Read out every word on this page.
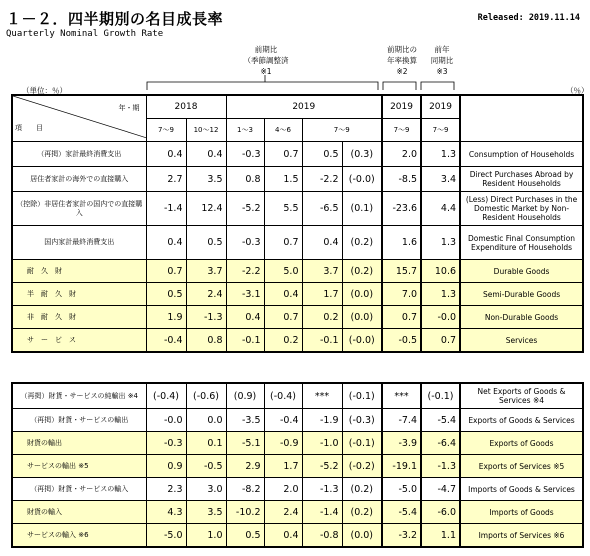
１－２．四半期別の名目成長率
Quarterly Nominal Growth Rate
Released: 2019.11.14
前期比
（季節調整済
※1
前期比の
年率換算
※2
前年
同期比
※3
（単位：％）	（％）
年・期
項　　目	2018		2019				2019	2019	
	7～9	10～12	1～3	4～6	7～9		7～9	7～9	
（再掲）家計最終消費支出	0.4	0.4	-0.3	0.7	0.5	(0.3)	2.0	1.3	Consumption of Households
居住者家計の海外での直接購入	2.7	3.5	0.8	1.5	-2.2	(-0.0)	-8.5	3.4	Direct Purchases Abroad by Resident Households
（控除）非居住者家計の国内での直接購入	-1.4	12.4	-5.2	5.5	-6.5	(0.1)	-23.6	4.4	(Less) Direct Purchases in the Domestic Market by Non-Resident Households
国内家計最終消費支出	0.4	0.5	-0.3	0.7	0.4	(0.2)	1.6	1.3	Domestic Final Consumption Expenditure of Households
耐　久　財	0.7	3.7	-2.2	5.0	3.7	(0.2)	15.7	10.6	Durable Goods
半　耐　久　財	0.5	2.4	-3.1	0.4	1.7	(0.0)	7.0	1.3	Semi-Durable Goods
非　耐　久　財	1.9	-1.3	0.4	0.7	0.2	(0.0)	0.7	-0.0	Non-Durable Goods
サ　ー　ビ　ス	-0.4	0.8	-0.1	0.2	-0.1	(-0.0)	-0.5	0.7	Services
（再掲）財貨・サービスの純輸出 ※4	(-0.4)	(-0.6)	(0.9)	(-0.4)	***	(-0.1)	***	(-0.1)	Net Exports of Goods & Services ※4
（再掲）財貨・サービスの輸出	-0.0	0.0	-3.5	-0.4	-1.9	(-0.3)	-7.4	-5.4	Exports of Goods & Services
財貨の輸出	-0.3	0.1	-5.1	-0.9	-1.0	(-0.1)	-3.9	-6.4	Exports of Goods
サービスの輸出 ※5	0.9	-0.5	2.9	1.7	-5.2	(-0.2)	-19.1	-1.3	Exports of Services ※5
（再掲）財貨・サービスの輸入	2.3	3.0	-8.2	2.0	-1.3	(0.2)	-5.0	-4.7	Imports of Goods & Services
財貨の輸入	4.3	3.5	-10.2	2.4	-1.4	(0.2)	-5.4	-6.0	Imports of Goods
サービスの輸入 ※6	-5.0	1.0	0.5	0.4	-0.8	(0.0)	-3.2	1.1	Imports of Services ※6
